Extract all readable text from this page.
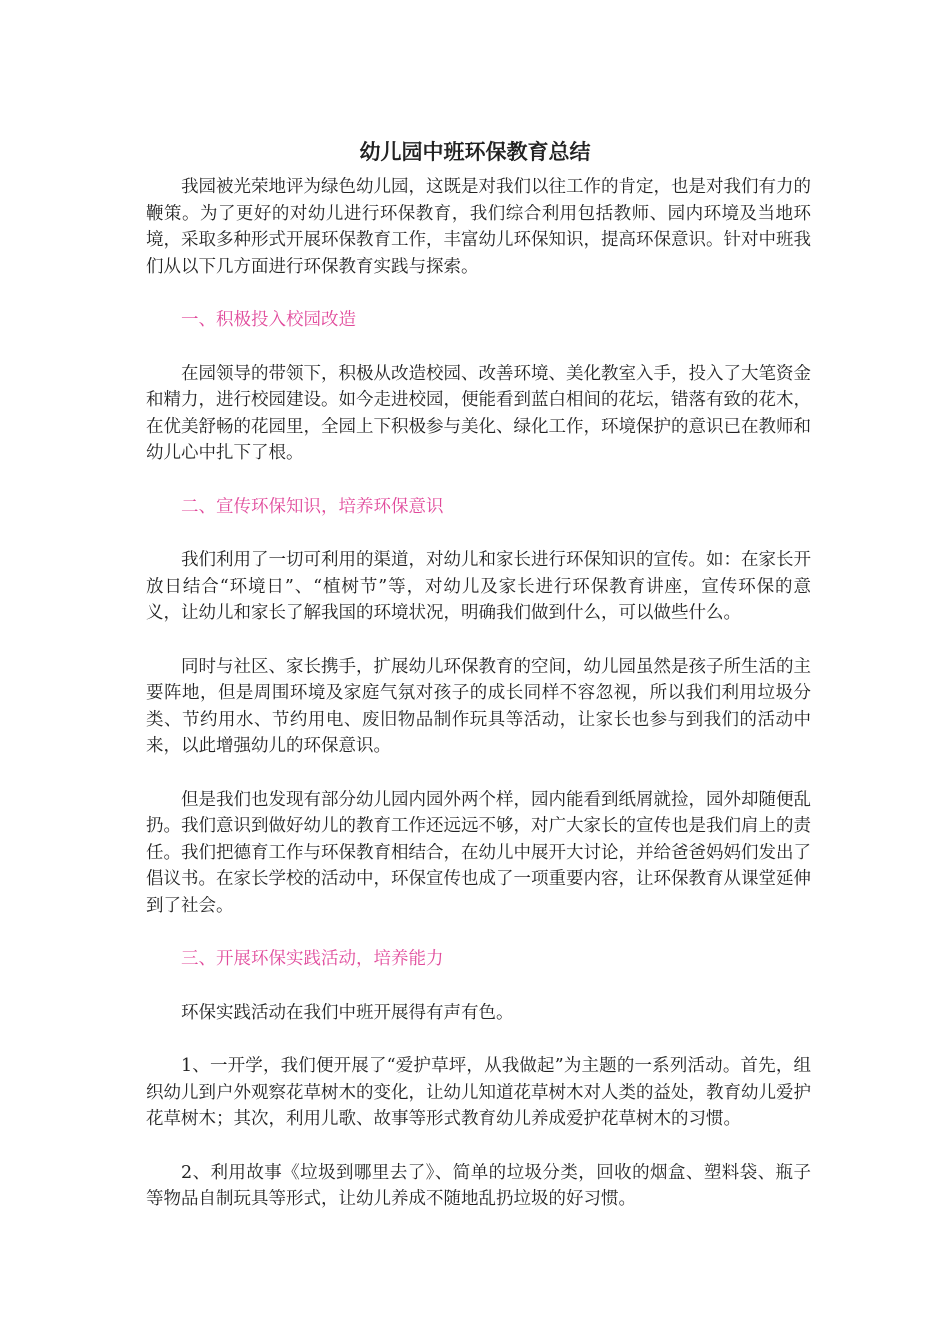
幼儿园中班环保教育总结

我园被光荣地评为绿色幼儿园，这既是对我们以往工作的肯定，也是对我们有力的鞭策。为了更好的对幼儿进行环保教育，我们综合利用包括教师、园内环境及当地环境，采取多种形式开展环保教育工作，丰富幼儿环保知识，提高环保意识。针对中班我们从以下几方面进行环保教育实践与探索。

一、积极投入校园改造

在园领导的带领下，积极从改造校园、改善环境、美化教室入手，投入了大笔资金和精力，进行校园建设。如今走进校园，便能看到蓝白相间的花坛，错落有致的花木，在优美舒畅的花园里，全园上下积极参与美化、绿化工作，环境保护的意识已在教师和幼儿心中扎下了根。

二、宣传环保知识，培养环保意识

我们利用了一切可利用的渠道，对幼儿和家长进行环保知识的宣传。如：在家长开放日结合“环境日”、“植树节”等，对幼儿及家长进行环保教育讲座，宣传环保的意义，让幼儿和家长了解我国的环境状况，明确我们做到什么，可以做些什么。

同时与社区、家长携手，扩展幼儿环保教育的空间，幼儿园虽然是孩子所生活的主要阵地，但是周围环境及家庭气氛对孩子的成长同样不容忽视，所以我们利用垃圾分类、节约用水、节约用电、废旧物品制作玩具等活动，让家长也参与到我们的活动中来，以此增强幼儿的环保意识。

但是我们也发现有部分幼儿园内园外两个样，园内能看到纸屑就捡，园外却随便乱扔。我们意识到做好幼儿的教育工作还远远不够，对广大家长的宣传也是我们肩上的责任。我们把德育工作与环保教育相结合，在幼儿中展开大讨论，并给爸爸妈妈们发出了倡议书。在家长学校的活动中，环保宣传也成了一项重要内容，让环保教育从课堂延伸到了社会。

三、开展环保实践活动，培养能力

环保实践活动在我们中班开展得有声有色。

1、一开学，我们便开展了“爱护草坪，从我做起”为主题的一系列活动。首先，组织幼儿到户外观察花草树木的变化，让幼儿知道花草树木对人类的益处，教育幼儿爱护花草树木；其次，利用儿歌、故事等形式教育幼儿养成爱护花草树木的习惯。

2、利用故事《垃圾到哪里去了》、简单的垃圾分类，回收的烟盒、塑料袋、瓶子等物品自制玩具等形式，让幼儿养成不随地乱扔垃圾的好习惯。
